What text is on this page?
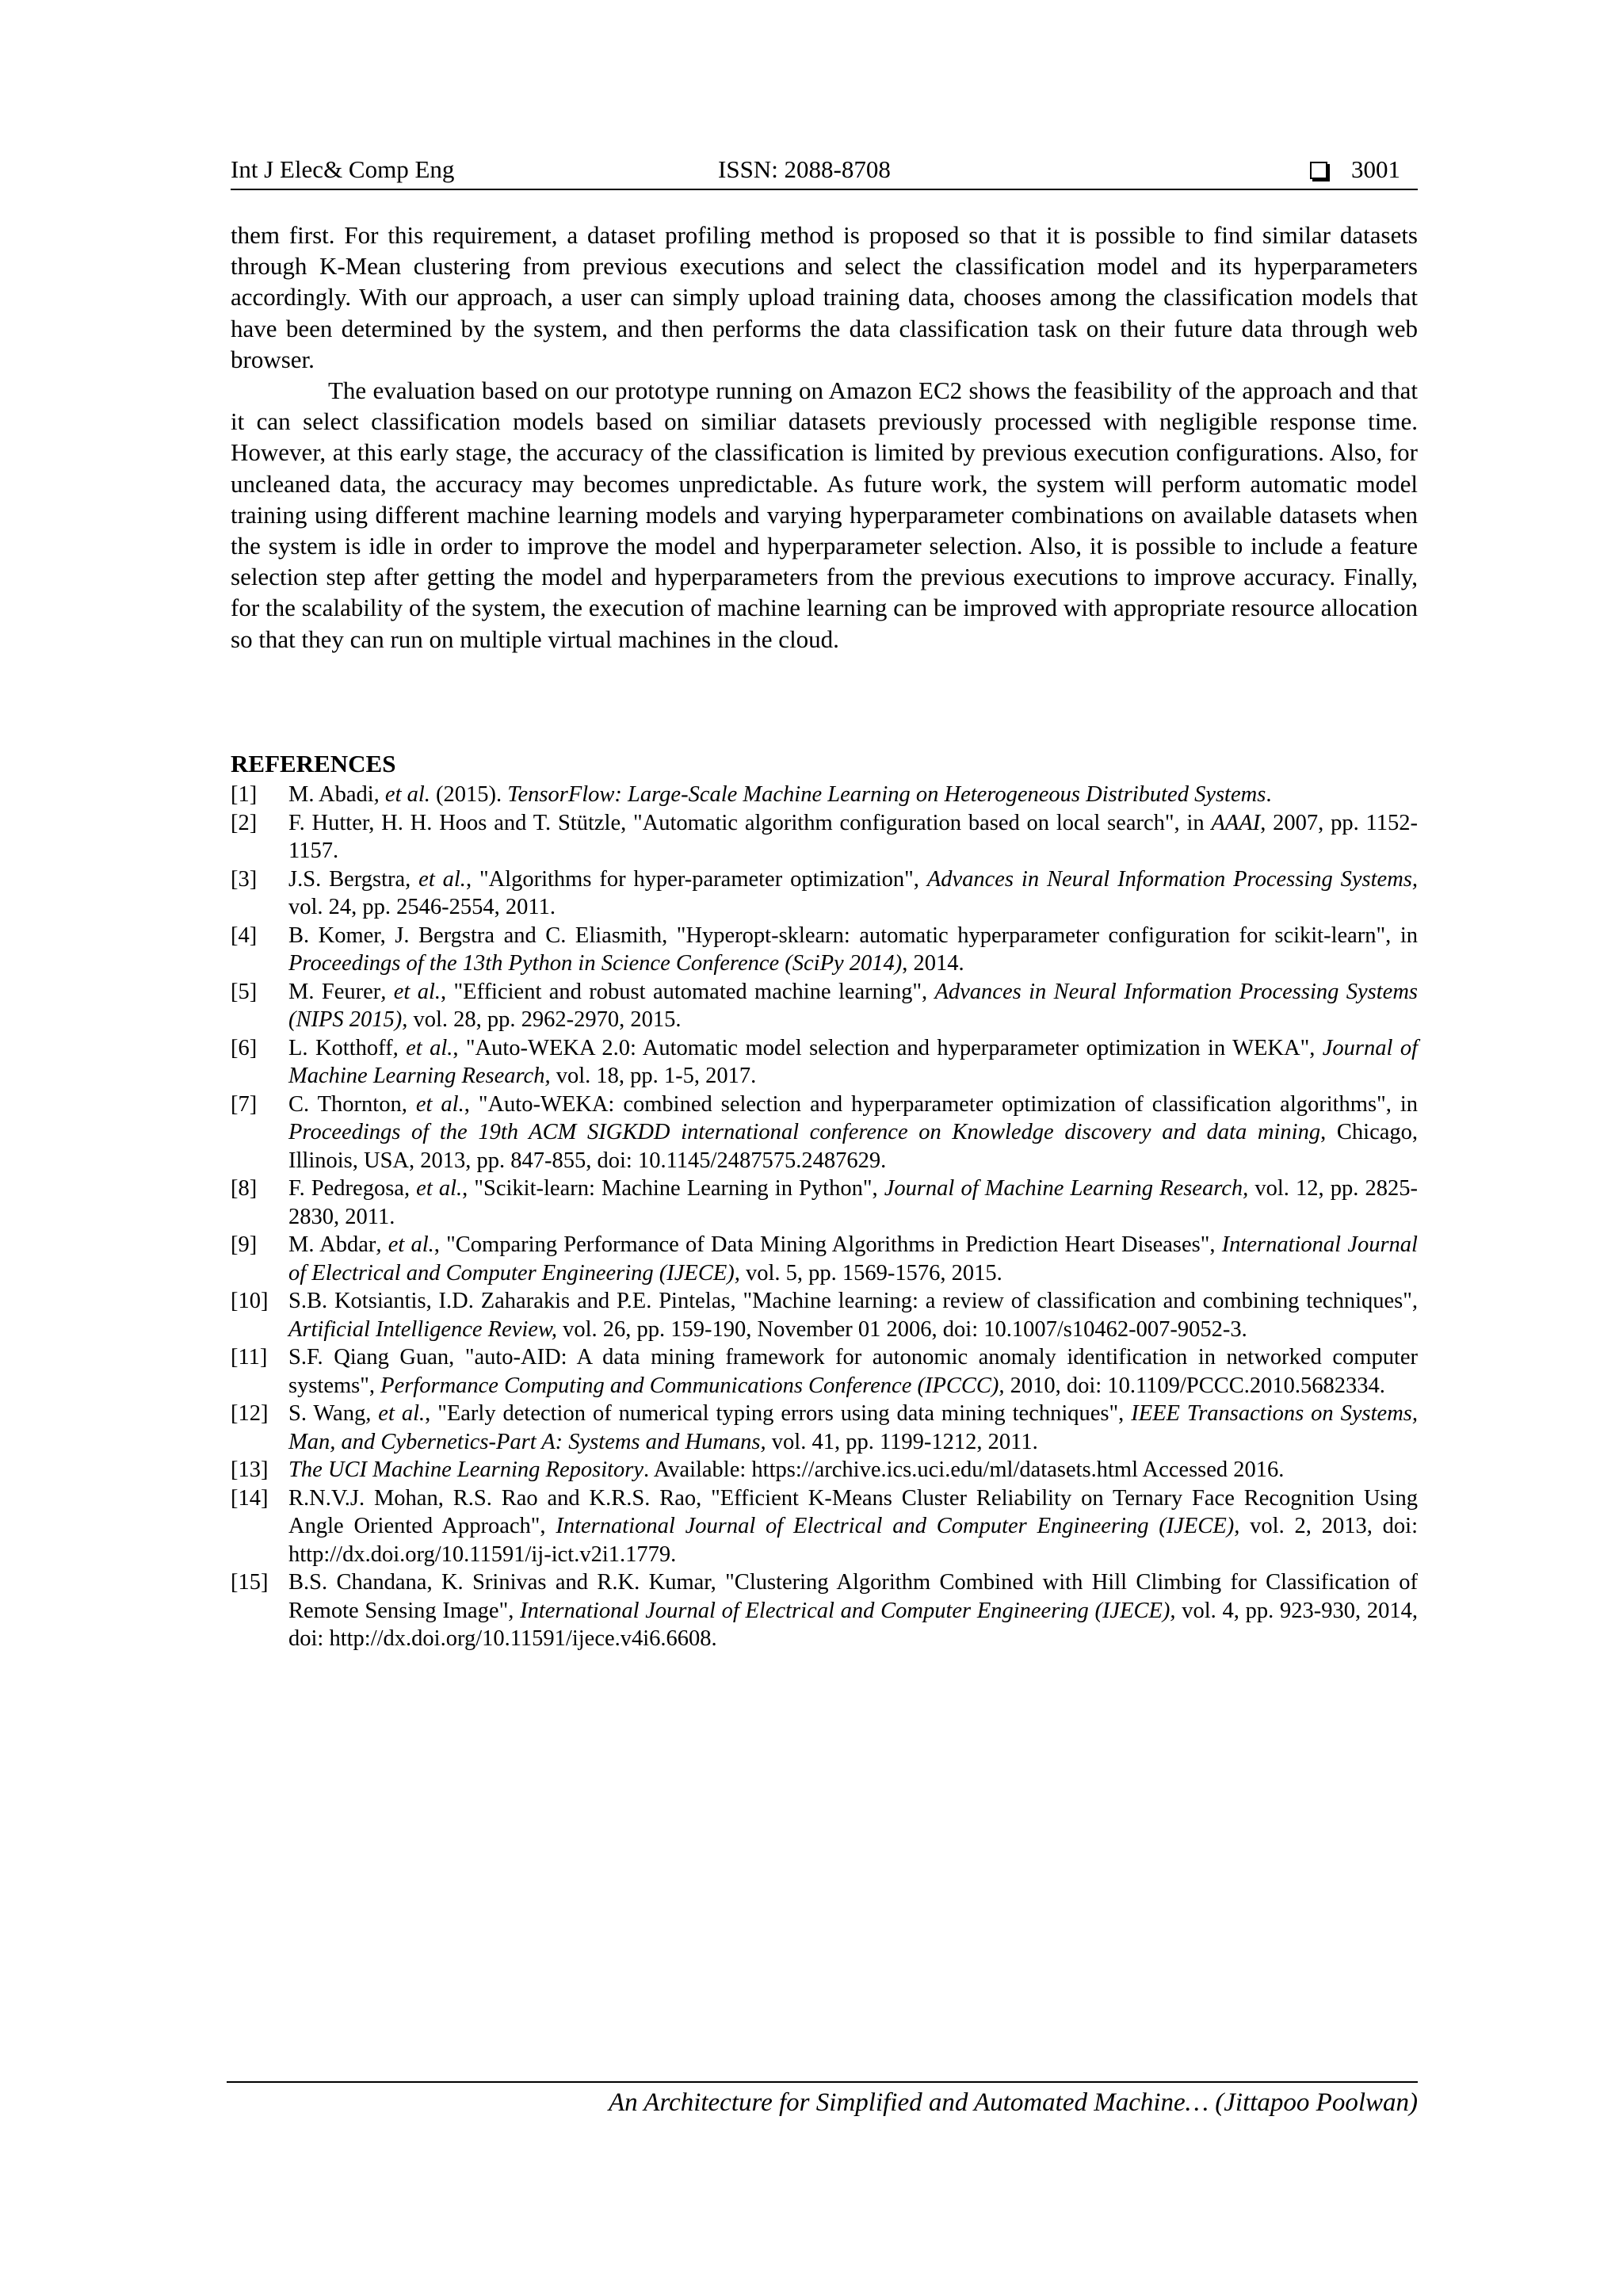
Int J Elec& Comp Eng	ISSN: 2088-8708	3001

them first. For this requirement, a dataset profiling method is proposed so that it is possible to find similar datasets through K-Mean clustering from previous executions and select the classification model and its hyperparameters accordingly. With our approach, a user can simply upload training data, chooses among the classification models that have been determined by the system, and then performs the data classification task on their future data through web browser.

The evaluation based on our prototype running on Amazon EC2 shows the feasibility of the approach and that it can select classification models based on similiar datasets previously processed with negligible response time. However, at this early stage, the accuracy of the classification is limited by previous execution configurations. Also, for uncleaned data, the accuracy may becomes unpredictable. As future work, the system will perform automatic model training using different machine learning models and varying hyperparameter combinations on available datasets when the system is idle in order to improve the model and hyperparameter selection. Also, it is possible to include a feature selection step after getting the model and hyperparameters from the previous executions to improve accuracy. Finally, for the scalability of the system, the execution of machine learning can be improved with appropriate resource allocation so that they can run on multiple virtual machines in the cloud.

REFERENCES
[1]	M. Abadi, et al. (2015). TensorFlow: Large-Scale Machine Learning on Heterogeneous Distributed Systems.
[2]	F. Hutter, H. H. Hoos and T. Stützle, "Automatic algorithm configuration based on local search", in AAAI, 2007, pp. 1152-1157.
[3]	J.S. Bergstra, et al., "Algorithms for hyper-parameter optimization", Advances in Neural Information Processing Systems, vol. 24, pp. 2546-2554, 2011.
[4]	B. Komer, J. Bergstra and C. Eliasmith, "Hyperopt-sklearn: automatic hyperparameter configuration for scikit-learn", in Proceedings of the 13th Python in Science Conference (SciPy 2014), 2014.
[5]	M. Feurer, et al., "Efficient and robust automated machine learning", Advances in Neural Information Processing Systems (NIPS 2015), vol. 28, pp. 2962-2970, 2015.
[6]	L. Kotthoff, et al., "Auto-WEKA 2.0: Automatic model selection and hyperparameter optimization in WEKA", Journal of Machine Learning Research, vol. 18, pp. 1-5, 2017.
[7]	C. Thornton, et al., "Auto-WEKA: combined selection and hyperparameter optimization of classification algorithms", in Proceedings of the 19th ACM SIGKDD international conference on Knowledge discovery and data mining, Chicago, Illinois, USA, 2013, pp. 847-855, doi: 10.1145/2487575.2487629.
[8]	F. Pedregosa, et al., "Scikit-learn: Machine Learning in Python", Journal of Machine Learning Research, vol. 12, pp. 2825-2830, 2011.
[9]	M. Abdar, et al., "Comparing Performance of Data Mining Algorithms in Prediction Heart Diseases", International Journal of Electrical and Computer Engineering (IJECE), vol. 5, pp. 1569-1576, 2015.
[10] S.B. Kotsiantis, I.D. Zaharakis and P.E. Pintelas, "Machine learning: a review of classification and combining techniques", Artificial Intelligence Review, vol. 26, pp. 159-190, November 01 2006, doi: 10.1007/s10462-007-9052-3.
[11] S.F. Qiang Guan, "auto-AID: A data mining framework for autonomic anomaly identification in networked computer systems", Performance Computing and Communications Conference (IPCCC), 2010, doi: 10.1109/PCCC.2010.5682334.
[12] S. Wang, et al., "Early detection of numerical typing errors using data mining techniques", IEEE Transactions on Systems, Man, and Cybernetics-Part A: Systems and Humans, vol. 41, pp. 1199-1212, 2011.
[13] The UCI Machine Learning Repository. Available: https://archive.ics.uci.edu/ml/datasets.html Accessed 2016.
[14] R.N.V.J. Mohan, R.S. Rao and K.R.S. Rao, "Efficient K-Means Cluster Reliability on Ternary Face Recognition Using Angle Oriented Approach", International Journal of Electrical and Computer Engineering (IJECE), vol. 2, 2013, doi: http://dx.doi.org/10.11591/ij-ict.v2i1.1779.
[15] B.S. Chandana, K. Srinivas and R.K. Kumar, "Clustering Algorithm Combined with Hill Climbing for Classification of Remote Sensing Image", International Journal of Electrical and Computer Engineering (IJECE), vol. 4, pp. 923-930, 2014, doi: http://dx.doi.org/10.11591/ijece.v4i6.6608.
An Architecture for Simplified and Automated Machine… (Jittapoo Poolwan)
